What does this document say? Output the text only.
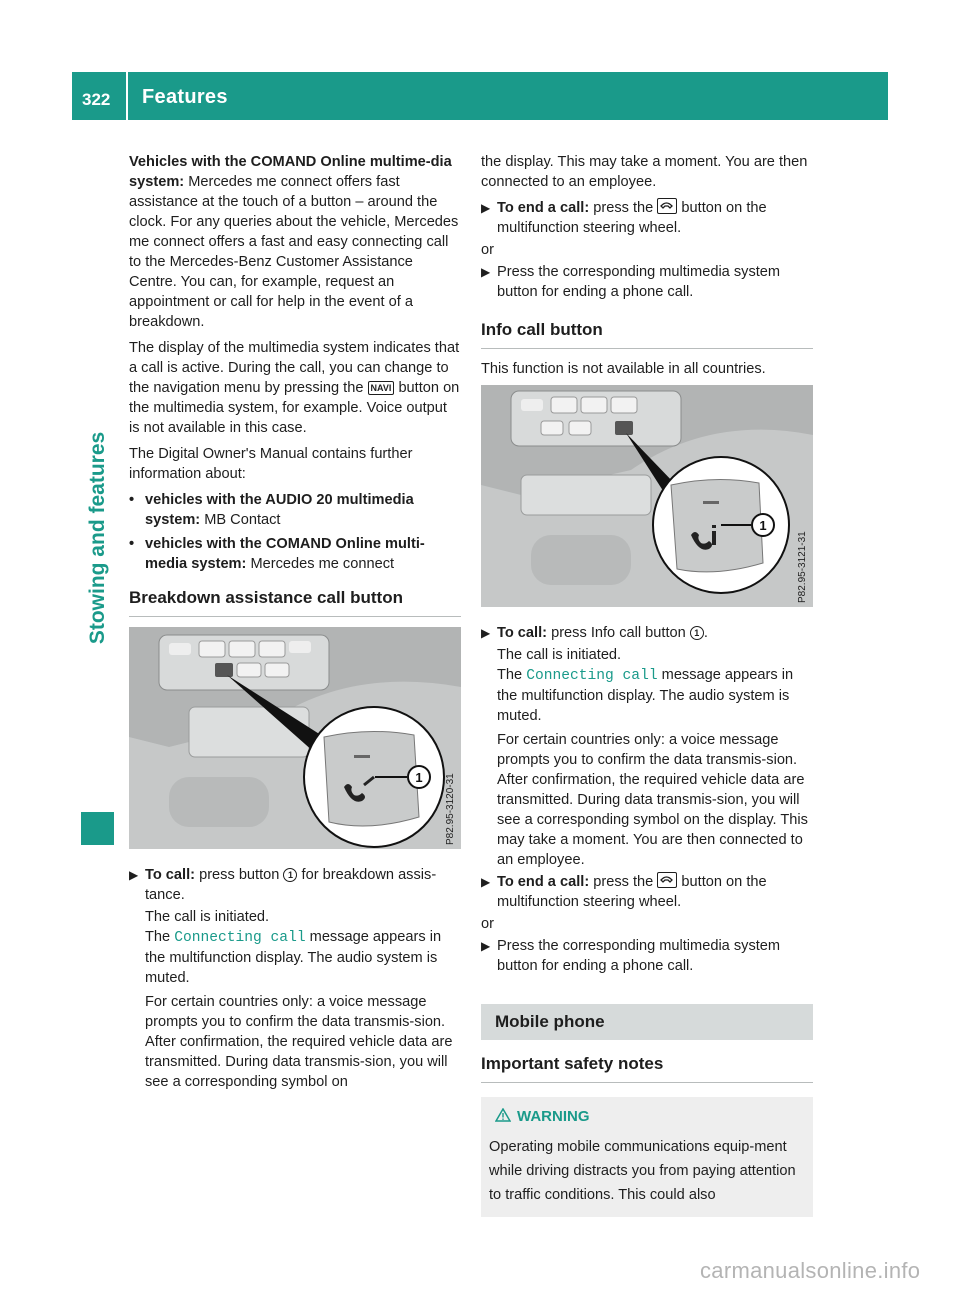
322 Features
Stowing and features

Vehicles with the COMAND Online multime-dia system: Mercedes me connect offers fast assistance at the touch of a button – around the clock. For any queries about the vehicle, Mercedes me connect offers a fast and easy connecting call to the Mercedes-Benz Customer Assistance Centre. You can, for example, request an appointment or call for help in the event of a breakdown.

The display of the multimedia system indicates that a call is active. During the call, you can change to the navigation menu by pressing the NAVI button on the multimedia system, for example. Voice output is not available in this case.

The Digital Owner's Manual contains further information about:

• vehicles with the AUDIO 20 multimedia system: MB Contact
• vehicles with the COMAND Online multi-media system: Mercedes me connect
Breakdown assistance call button
1 P82.95-3120-31
▶ To call: press button 1 for breakdown assis-tance.

The call is initiated.

The Connecting call message appears in the multifunction display. The audio system is muted.

For certain countries only: a voice message prompts you to confirm the data transmis-sion. After confirmation, the required vehicle data are transmitted. During data transmis-sion, you will see a corresponding symbol on

the display. This may take a moment. You are then connected to an employee.

▶ To end a call: press the button on the multifunction steering wheel.

or

▶ Press the corresponding multimedia system button for ending a phone call.
Info call button

This function is not available in all countries.

1
P82.95-3121-31
▶ To call: press Info call button 1 .

The call is initiated.

The Connecting call message appears in the multifunction display. The audio system is muted.

For certain countries only: a voice message prompts you to confirm the data transmis-sion. After confirmation, the required vehicle data are transmitted. During data transmis-sion, you will see a corresponding symbol on the display. This may take a moment. You are then connected to an employee.

▶ To end a call: press the button on the multifunction steering wheel.

or

▶ Press the corresponding multimedia system button for ending a phone call.
Mobile phone
Important safety notes
WARNING

Operating mobile communications equip-ment while driving distracts you from paying attention to traffic conditions. This could also

carmanualsonline.info
